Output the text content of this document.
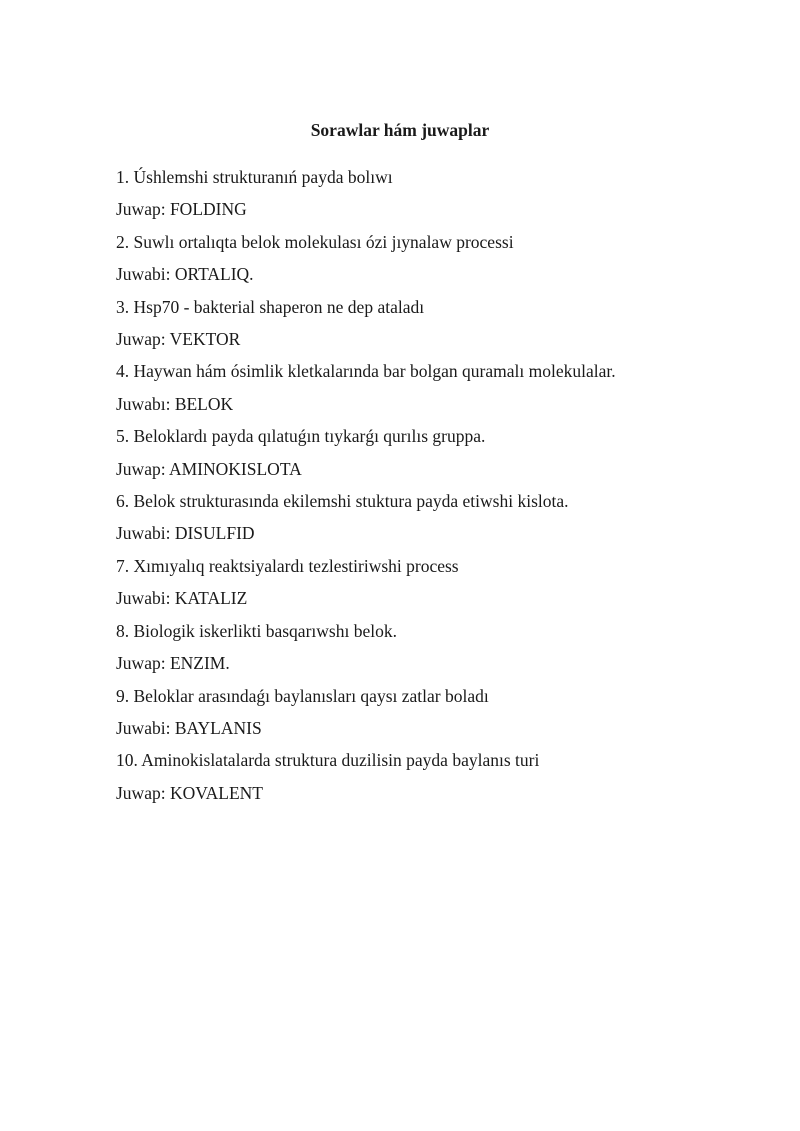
Sorawlar hám juwaplar
1. Úshlemshi strukturanıń payda bolıwı
Juwap: FOLDING
2. Suwlı ortalıqta belok molekulası ózi jıynalaw processi
Juwabi: ORTALIQ.
3. Hsp70 - bakterial shaperon ne dep ataladı
Juwap: VEKTOR
4. Haywan hám ósimlik kletkalarında bar bolgan quramalı molekulalar.
Juwabı: BELOK
5. Beloklardı payda qılatuǵın tıykarǵı qurılıs gruppa.
Juwap: AMINOKISLOTA
6. Belok strukturasında ekilemshi stuktura payda etiwshi kislota.
Juwabi: DISULFID
7. Xımıyalıq reaktsiyalardı tezlestiriwshi process
Juwabi: KATALIZ
8. Biologik iskerlikti basqarıwshı belok.
Juwap: ENZIM.
9. Beloklar arasındaǵı baylanısları qaysı zatlar boladı
Juwabi: BAYLANIS
10. Aminokislatalarda struktura duzilisin payda baylanıs turi
Juwap: KOVALENT
